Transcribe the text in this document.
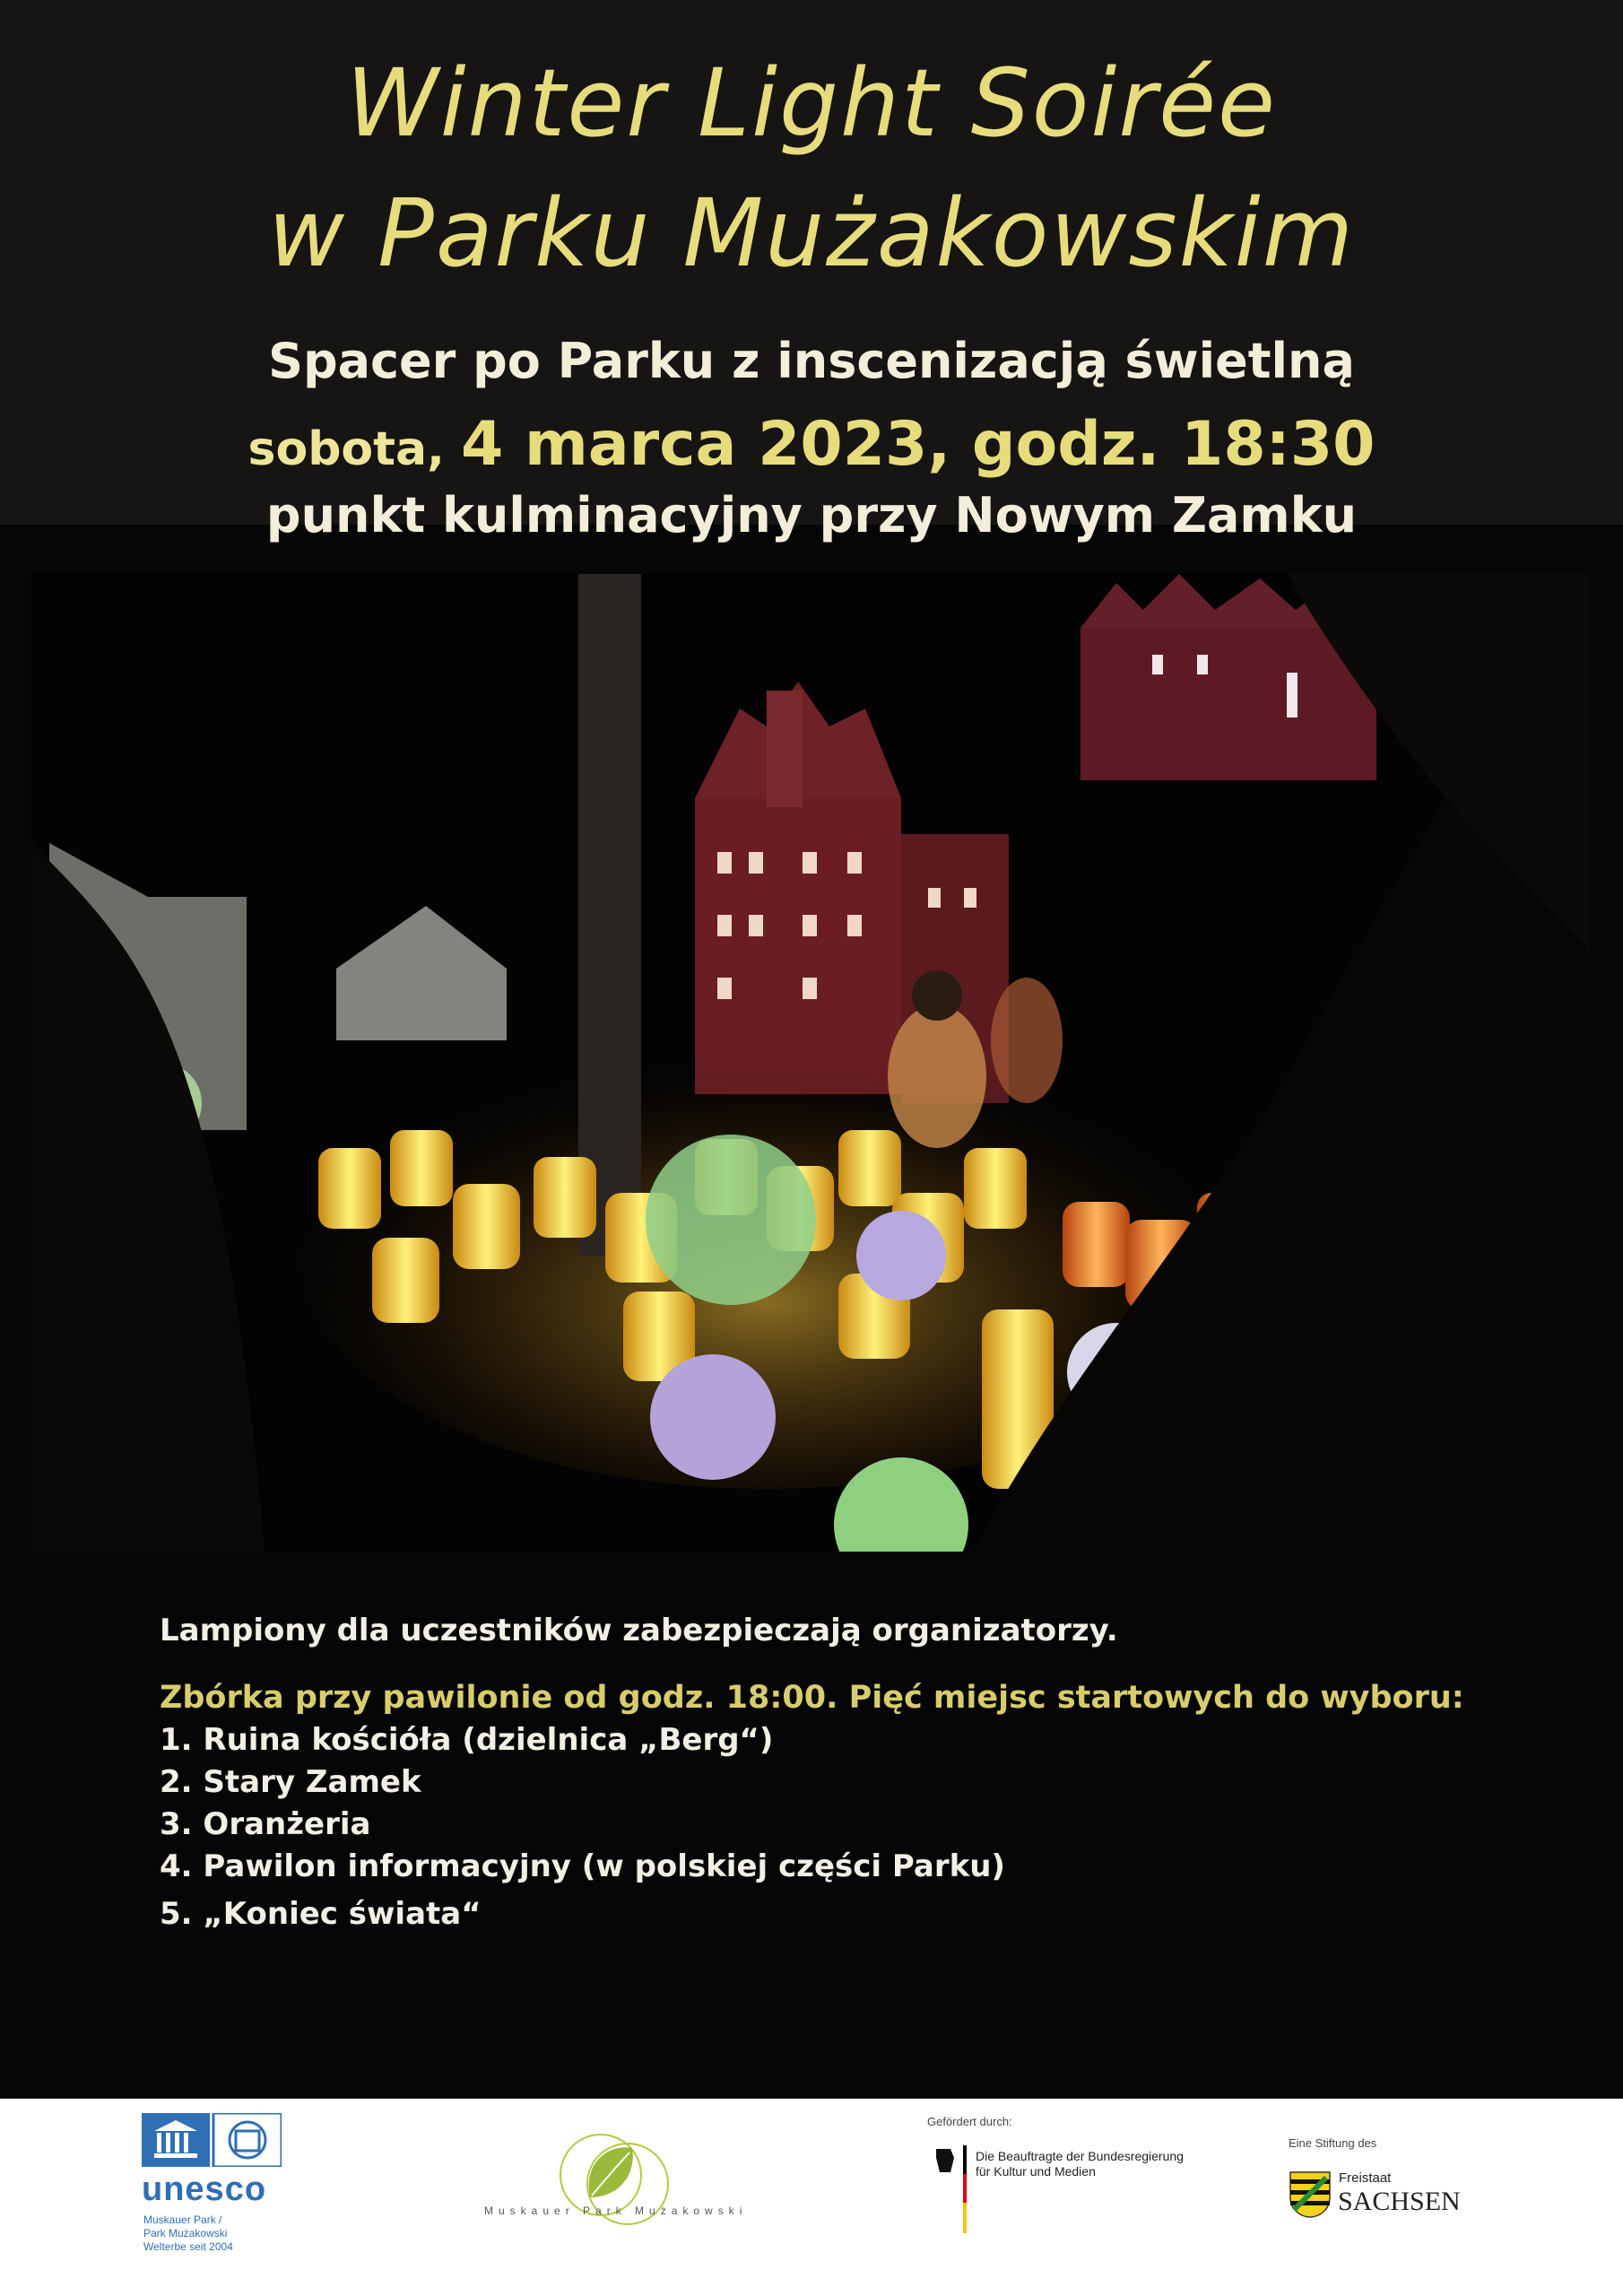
Winter Light Soirée
w Parku Mużakowskim
Spacer po Parku z inscenizacją świetlną
sobota, 4 marca 2023, godz. 18:30
punkt kulminacyjny przy Nowym Zamku
Lampiony dla uczestników zabezpieczają organizatorzy.
Zbórka przy pawilonie od godz. 18:00. Pięć miejsc startowych do wyboru:
1. Ruina kościóła (dzielnica „Berg“)
2. Stary Zamek
3. Oranżeria
4. Pawilon informacyjny (w polskiej części Parku)
5. „Koniec świata“
unesco
Muskauer Park /
Park Mużakowski
Welterbe seit 2004
Muskauer Park Mużakowski
Gefördert durch:
Die Beauftragte der Bundesregierung
für Kultur und Medien
Eine Stiftung des
Freistaat
SACHSEN
